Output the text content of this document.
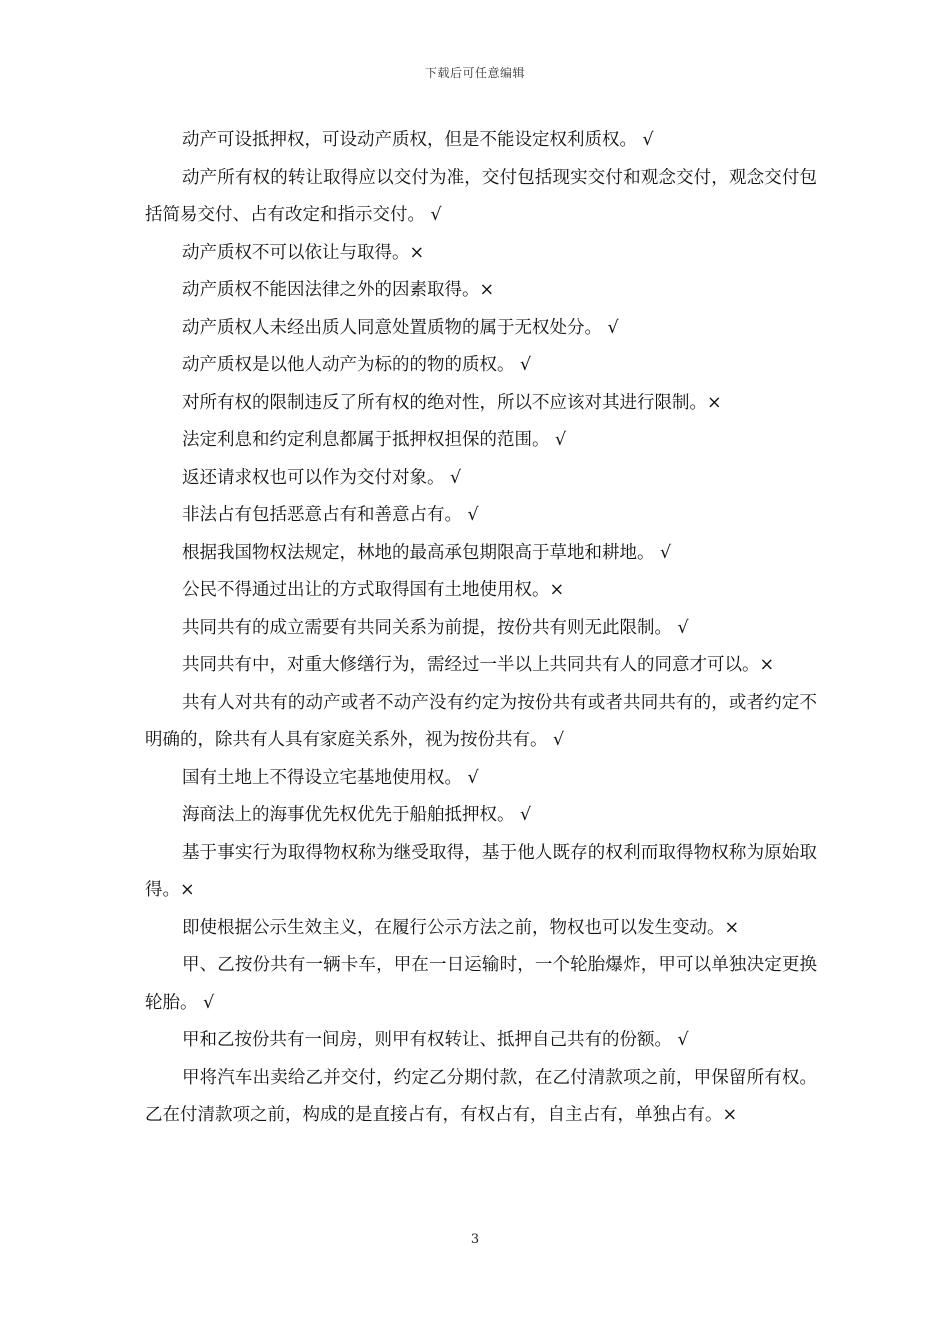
下载后可任意编辑

动产可设抵押权，可设动产质权，但是不能设定权利质权。 √

动产所有权的转让取得应以交付为准，交付包括现实交付和观念交付，观念交付包括简易交付、占有改定和指示交付。 √

动产质权不可以依让与取得。×

动产质权不能因法律之外的因素取得。×

动产质权人未经出质人同意处置质物的属于无权处分。 √

动产质权是以他人动产为标的的物的质权。 √

对所有权的限制违反了所有权的绝对性，所以不应该对其进行限制。×

法定利息和约定利息都属于抵押权担保的范围。 √

返还请求权也可以作为交付对象。 √

非法占有包括恶意占有和善意占有。 √

根据我国物权法规定，林地的最高承包期限高于草地和耕地。 √

公民不得通过出让的方式取得国有土地使用权。×

共同共有的成立需要有共同关系为前提，按份共有则无此限制。 √

共同共有中，对重大修缮行为，需经过一半以上共同共有人的同意才可以。×

共有人对共有的动产或者不动产没有约定为按份共有或者共同共有的，或者约定不明确的，除共有人具有家庭关系外，视为按份共有。 √

国有土地上不得设立宅基地使用权。 √

海商法上的海事优先权优先于船舶抵押权。 √

基于事实行为取得物权称为继受取得，基于他人既存的权利而取得物权称为原始取得。×

即使根据公示生效主义，在履行公示方法之前，物权也可以发生变动。×

甲、乙按份共有一辆卡车，甲在一日运输时，一个轮胎爆炸，甲可以单独决定更换轮胎。 √

甲和乙按份共有一间房，则甲有权转让、抵押自己共有的份额。 √

甲将汽车出卖给乙并交付，约定乙分期付款，在乙付清款项之前，甲保留所有权。乙在付清款项之前，构成的是直接占有，有权占有，自主占有，单独占有。×

3
